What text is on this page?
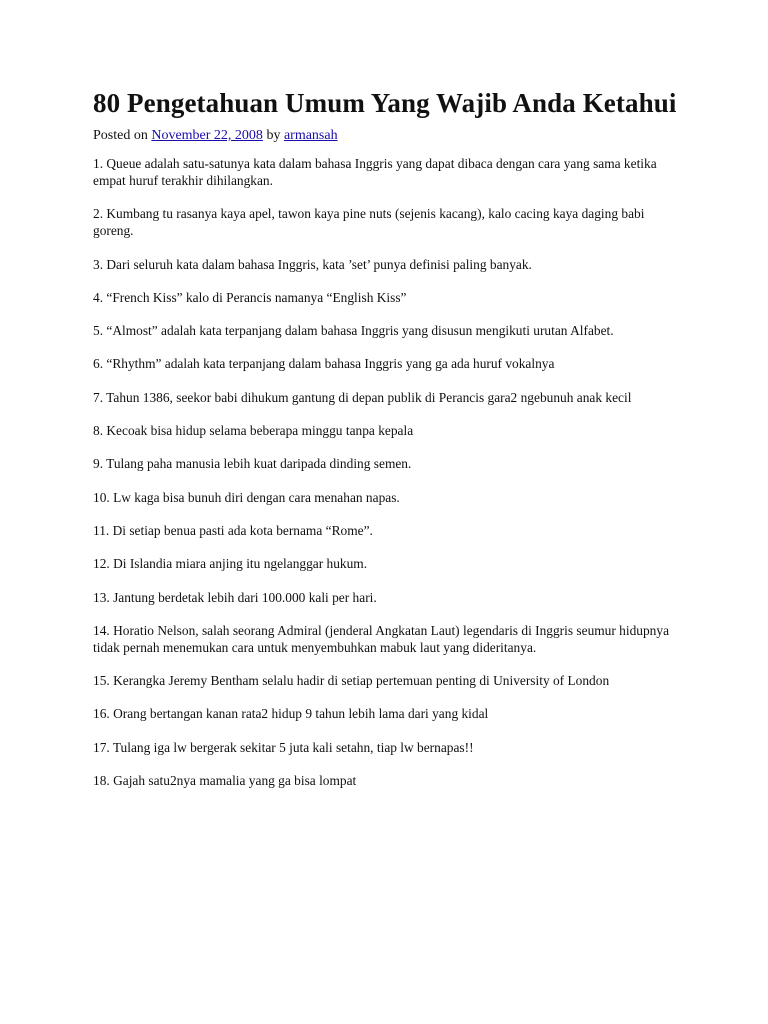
80 Pengetahuan Umum Yang Wajib Anda Ketahui

Posted on November 22, 2008 by armansah

1. Queue adalah satu-satunya kata dalam bahasa Inggris yang dapat dibaca dengan cara yang sama ketika empat huruf terakhir dihilangkan.

2. Kumbang tu rasanya kaya apel, tawon kaya pine nuts (sejenis kacang), kalo cacing kaya daging babi goreng.

3. Dari seluruh kata dalam bahasa Inggris, kata ’set’ punya definisi paling banyak.

4. “French Kiss” kalo di Perancis namanya “English Kiss”

5. “Almost” adalah kata terpanjang dalam bahasa Inggris yang disusun mengikuti urutan Alfabet.

6. “Rhythm” adalah kata terpanjang dalam bahasa Inggris yang ga ada huruf vokalnya

7. Tahun 1386, seekor babi dihukum gantung di depan publik di Perancis gara2 ngebunuh anak kecil

8. Kecoak bisa hidup selama beberapa minggu tanpa kepala

9. Tulang paha manusia lebih kuat daripada dinding semen.

10. Lw kaga bisa bunuh diri dengan cara menahan napas.

11. Di setiap benua pasti ada kota bernama “Rome”.

12. Di Islandia miara anjing itu ngelanggar hukum.

13. Jantung berdetak lebih dari 100.000 kali per hari.

14. Horatio Nelson, salah seorang Admiral (jenderal Angkatan Laut) legendaris di Inggris seumur hidupnya tidak pernah menemukan cara untuk menyembuhkan mabuk laut yang dideritanya.

15. Kerangka Jeremy Bentham selalu hadir di setiap pertemuan penting di University of London

16. Orang bertangan kanan rata2 hidup 9 tahun lebih lama dari yang kidal

17. Tulang iga lw bergerak sekitar 5 juta kali setahn, tiap lw bernapas!!

18. Gajah satu2nya mamalia yang ga bisa lompat
